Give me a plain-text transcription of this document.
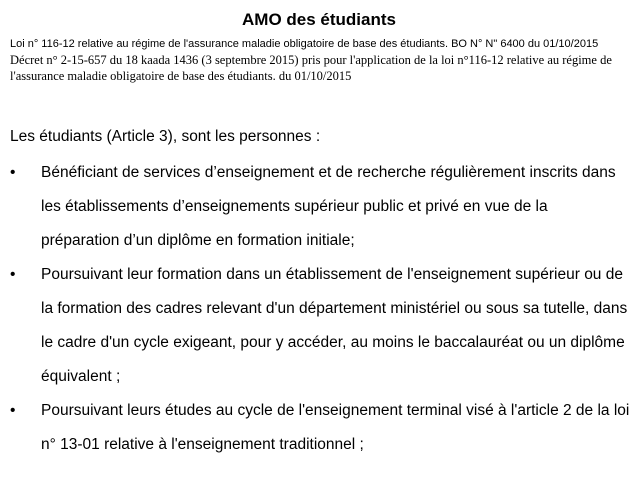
AMO des étudiants

Loi n° 116-12 relative au régime de l'assurance maladie obligatoire de base des étudiants. BO N° N" 6400 du 01/10/2015

Décret n° 2-15-657 du 18 kaada 1436 (3 septembre 2015) pris pour l'application de la loi n°116-12 relative au régime de l'assurance maladie obligatoire de base des étudiants. du 01/10/2015

Les étudiants (Article 3), sont les personnes :

•	Bénéficiant de services d’enseignement et de recherche régulièrement inscrits dans les établissements d’enseignements supérieur public et privé en vue de la préparation d’un diplôme en formation initiale;
•	Poursuivant leur formation dans un établissement de l'enseignement supérieur ou de la formation des cadres relevant d'un département ministériel ou sous sa tutelle, dans le cadre d'un cycle exigeant, pour y accéder, au moins le baccalauréat ou un diplôme équivalent ;
•	Poursuivant leurs études au cycle de l'enseignement terminal visé à l'article 2 de la loi n° 13-01 relative à l'enseignement traditionnel ;
